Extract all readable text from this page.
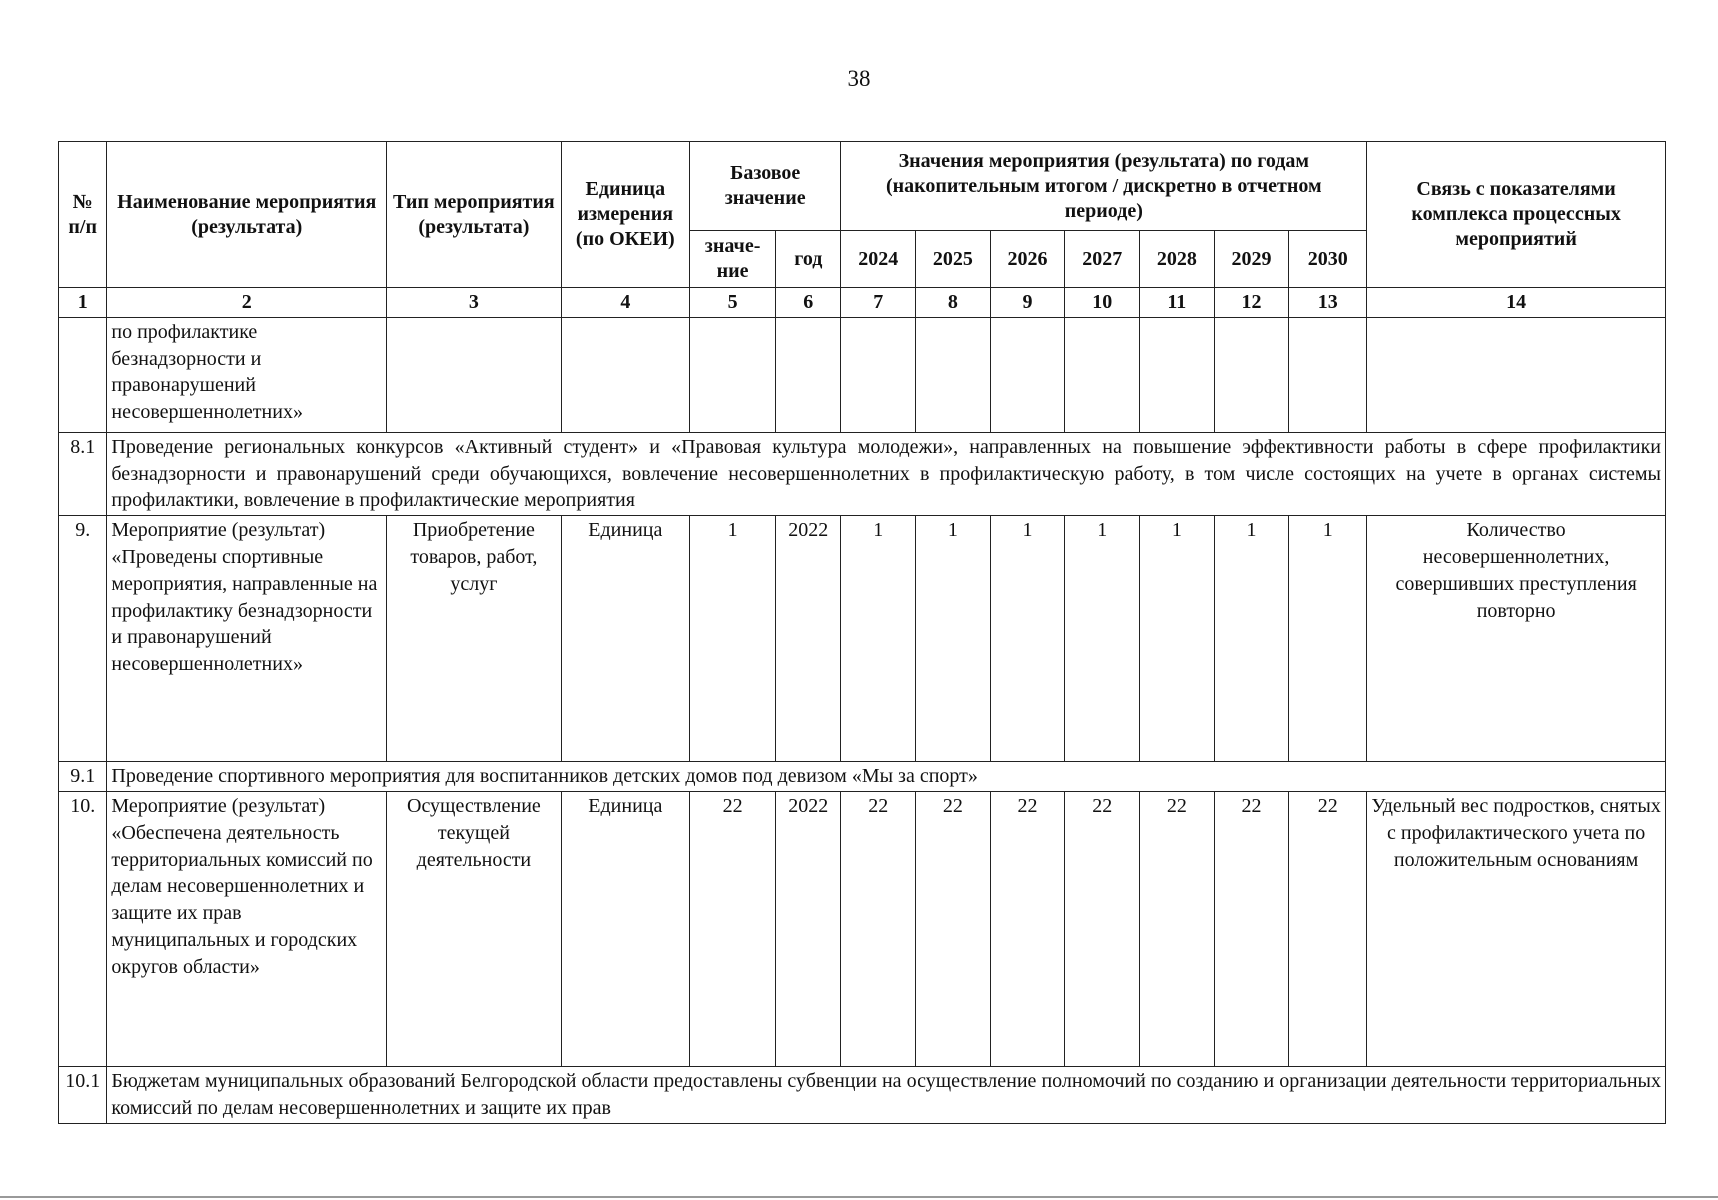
38
№ п/п	Наименование мероприятия (результата)	Тип мероприятия (результата)	Единица измерения (по ОКЕИ)	Базовое значение		Значения мероприятия (результата) по годам (накопительным итогом / дискретно в отчетном периоде)							Связь с показателями комплекса процессных мероприятий
				значе-ние	год	2024	2025	2026	2027	2028	2029	2030	
1	2	3	4	5	6	7	8	9	10	11	12	13	14
	по профилактике безнадзорности и правонарушений несовершеннолетних»												
8.1	Проведение региональных конкурсов «Активный студент» и «Правовая культура молодежи», направленных на повышение эффективности работы в сфере профилактики безнадзорности и правонарушений среди обучающихся, вовлечение несовершеннолетних в профилактическую работу, в том числе состоящих на учете в органах системы профилактики, вовлечение в профилактические мероприятия												
9.	Мероприятие (результат) «Проведены спортивные мероприятия, направленные на профилактику безнадзорности и правонарушений несовершеннолетних»	Приобретение товаров, работ, услуг	Единица	1	2022	1	1	1	1	1	1	1	Количество несовершеннолетних, совершивших преступления повторно
9.1	Проведение спортивного мероприятия для воспитанников детских домов под девизом «Мы за спорт»												
10.	Мероприятие (результат) «Обеспечена деятельность территориальных комиссий по делам несовершеннолетних и защите их прав муниципальных и городских округов области»	Осуществление текущей деятельности	Единица	22	2022	22	22	22	22	22	22	22	Удельный вес подростков, снятых с профилактического учета по положительным основаниям
10.1	Бюджетам муниципальных образований Белгородской области предоставлены субвенции на осуществление полномочий по созданию и организации деятельности территориальных комиссий по делам несовершеннолетних и защите их прав												
